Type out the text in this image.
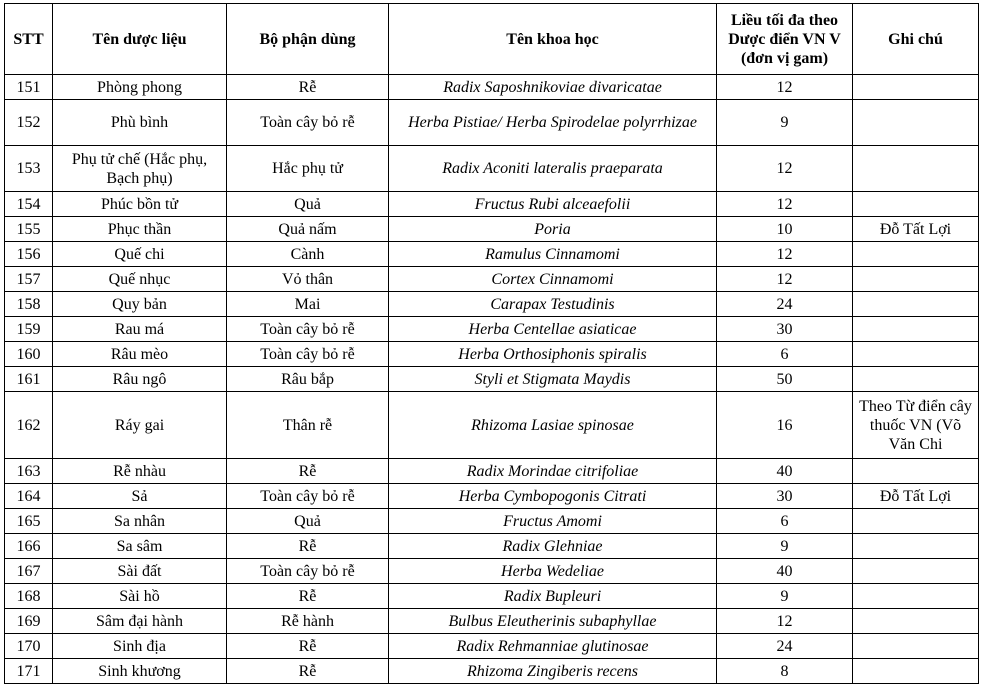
STT	Tên dược liệu	Bộ phận dùng	Tên khoa học	Liều tối đa theo Dược điển VN V (đơn vị gam)	Ghi chú
151	Phòng phong	Rễ	Radix Saposhnikoviae divaricatae	12	
152	Phù bình	Toàn cây bỏ rễ	Herba Pistiae/ Herba Spirodelae polyrrhizae	9	
153	Phụ tử chế (Hắc phụ, Bạch phụ)	Hắc phụ tử	Radix Aconiti lateralis praeparata	12	
154	Phúc bồn tử	Quả	Fructus Rubi alceaefolii	12	
155	Phục thần	Quả nấm	Poria	10	Đỗ Tất Lợi
156	Quế chi	Cành	Ramulus Cinnamomi	12	
157	Quế nhục	Vỏ thân	Cortex Cinnamomi	12	
158	Quy bản	Mai	Carapax Testudinis	24	
159	Rau má	Toàn cây bỏ rễ	Herba Centellae asiaticae	30	
160	Râu mèo	Toàn cây bỏ rễ	Herba Orthosiphonis spiralis	6	
161	Râu ngô	Râu bắp	Styli et Stigmata Maydis	50	
162	Ráy gai	Thân rễ	Rhizoma Lasiae spinosae	16	Theo Từ điển cây thuốc VN (Võ Văn Chi
163	Rễ nhàu	Rễ	Radix Morindae citrifoliae	40	
164	Sả	Toàn cây bỏ rễ	Herba Cymbopogonis Citrati	30	Đỗ Tất Lợi
165	Sa nhân	Quả	Fructus Amomi	6	
166	Sa sâm	Rễ	Radix Glehniae	9	
167	Sài đất	Toàn cây bỏ rễ	Herba Wedeliae	40	
168	Sài hồ	Rễ	Radix Bupleuri	9	
169	Sâm đại hành	Rễ hành	Bulbus Eleutherinis subaphyllae	12	
170	Sinh địa	Rễ	Radix Rehmanniae glutinosae	24	
171	Sinh khương	Rễ	Rhizoma Zingiberis recens	8	
